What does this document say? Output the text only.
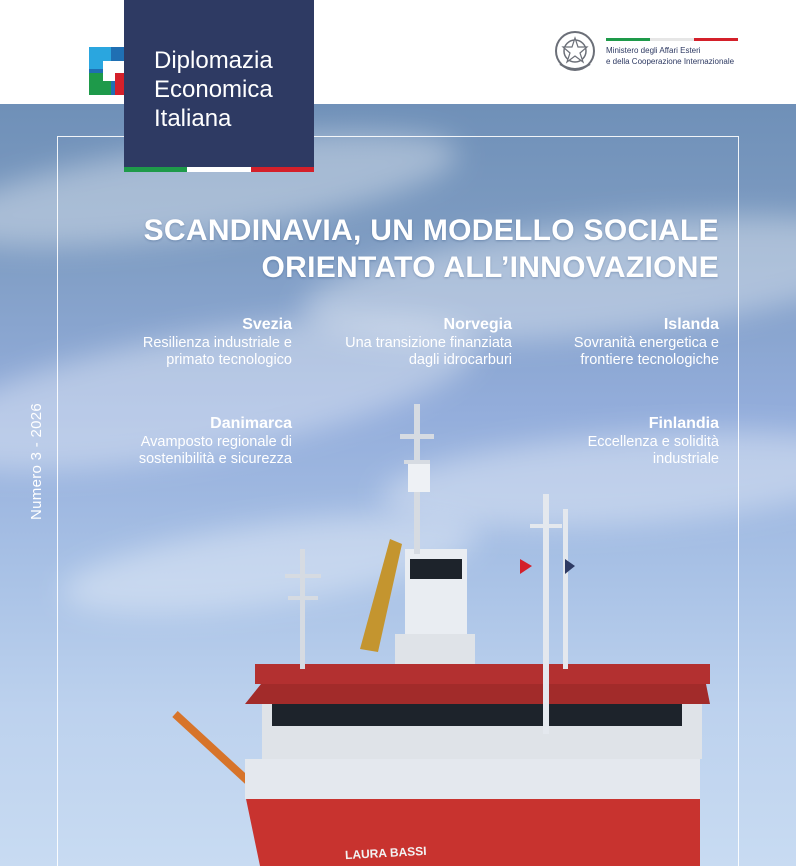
LAURA BASSI
Diplomazia
Economica
Italiana
Ministero degli Affari Esteri
e della Cooperazione Internazionale
SCANDINAVIA, UN MODELLO SOCIALE
ORIENTATO ALL’INNOVAZIONE
Svezia
Resilienza industriale e
primato tecnologico
Norvegia
Una transizione finanziata
dagli idrocarburi
Islanda
Sovranità energetica e
frontiere tecnologiche
Danimarca
Avamposto regionale di
sostenibilità e sicurezza
Finlandia
Eccellenza e solidità
industriale
Numero 3 - 2026
